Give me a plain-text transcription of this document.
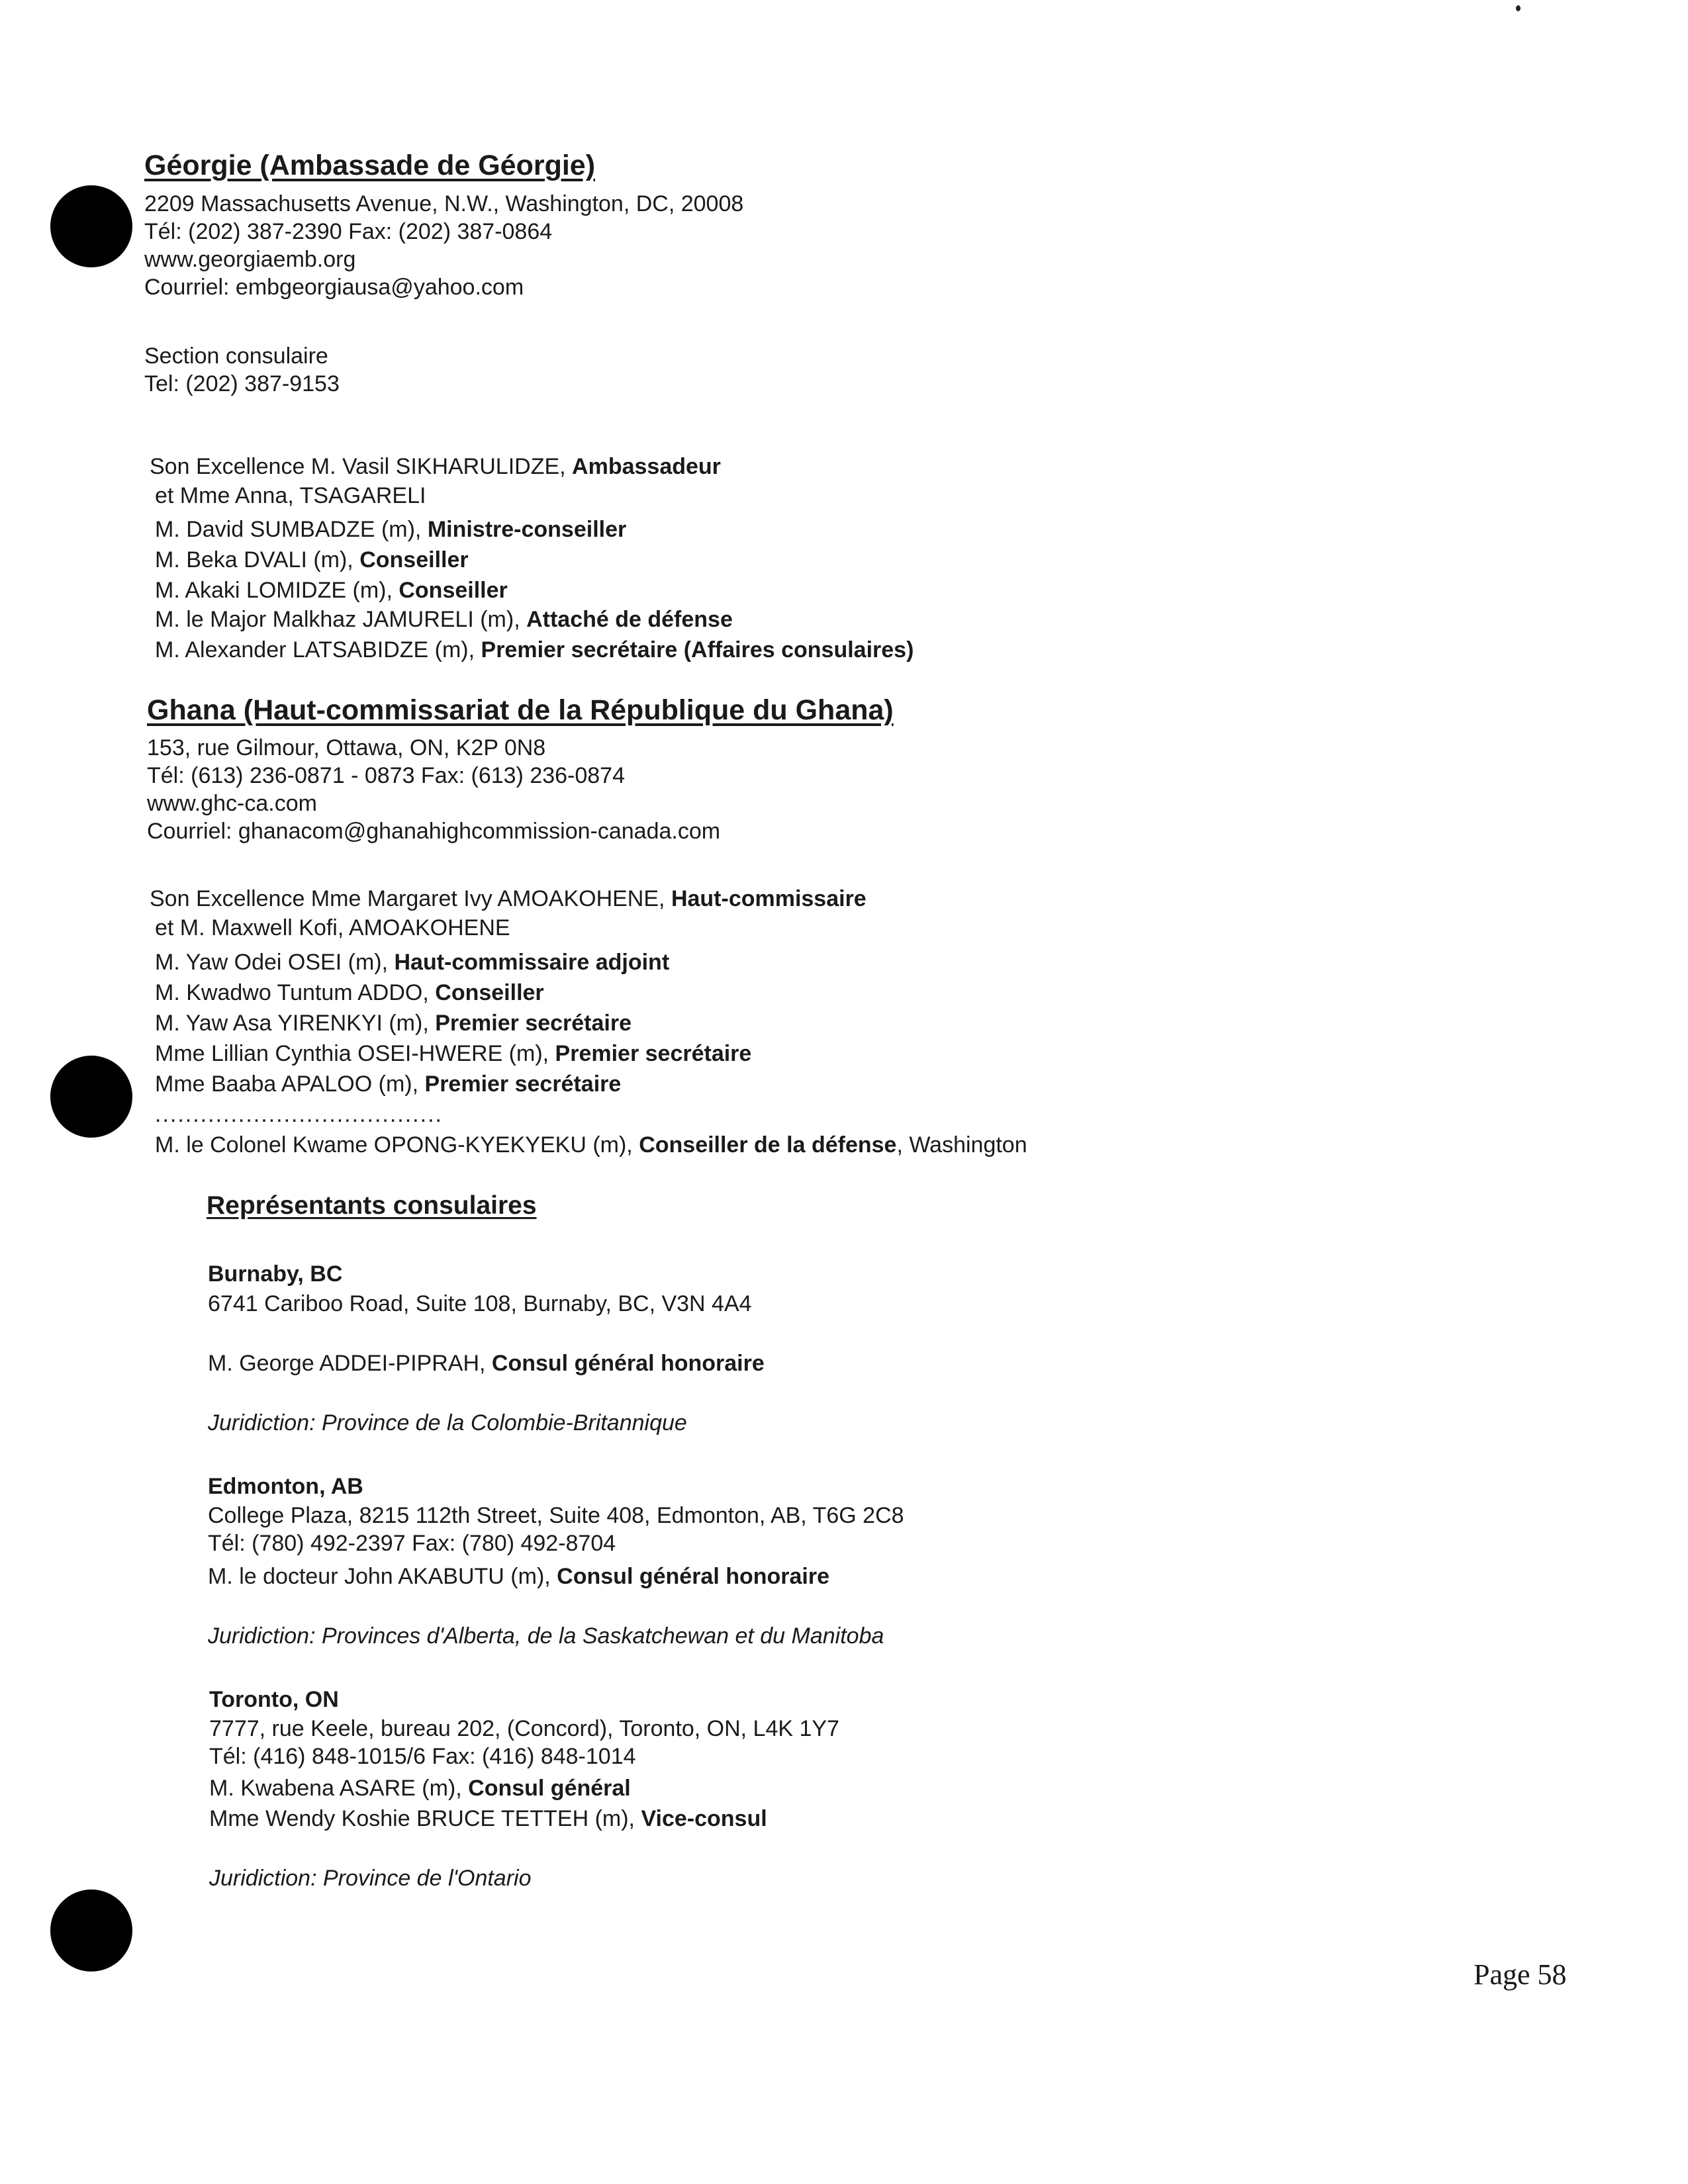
Géorgie (Ambassade de Géorgie)
2209 Massachusetts Avenue, N.W., Washington, DC, 20008
Tél: (202) 387-2390 Fax: (202) 387-0864
www.georgiaemb.org
Courriel: embgeorgiausa@yahoo.com
Section consulaire
Tel: (202) 387-9153
Son Excellence M. Vasil SIKHARULIDZE, Ambassadeur
et Mme Anna, TSAGARELI
M. David SUMBADZE (m), Ministre-conseiller
M. Beka DVALI (m), Conseiller
M. Akaki LOMIDZE (m), Conseiller
M. le Major Malkhaz JAMURELI (m), Attaché de défense
M. Alexander LATSABIDZE (m), Premier secrétaire (Affaires consulaires)
Ghana (Haut-commissariat de la République du Ghana)
153, rue Gilmour, Ottawa, ON, K2P 0N8
Tél: (613) 236-0871 - 0873 Fax: (613) 236-0874
www.ghc-ca.com
Courriel: ghanacom@ghanahighcommission-canada.com
Son Excellence Mme Margaret Ivy AMOAKOHENE, Haut-commissaire
et M. Maxwell Kofi, AMOAKOHENE
M. Yaw Odei OSEI (m), Haut-commissaire adjoint
M. Kwadwo Tuntum ADDO, Conseiller
M. Yaw Asa YIRENKYI (m), Premier secrétaire
Mme Lillian Cynthia OSEI-HWERE (m), Premier secrétaire
Mme Baaba APALOO (m), Premier secrétaire
......................................
M. le Colonel Kwame OPONG-KYEKYEKU (m), Conseiller de la défense, Washington
Représentants consulaires
Burnaby, BC
6741 Cariboo Road, Suite 108, Burnaby, BC, V3N 4A4
M. George ADDEI-PIPRAH, Consul général honoraire
Juridiction: Province de la Colombie-Britannique
Edmonton, AB
College Plaza, 8215 112th Street, Suite 408, Edmonton, AB, T6G 2C8
Tél: (780) 492-2397 Fax: (780) 492-8704
M. le docteur John AKABUTU (m), Consul général honoraire
Juridiction: Provinces d'Alberta, de la Saskatchewan et du Manitoba
Toronto, ON
7777, rue Keele, bureau 202, (Concord), Toronto, ON, L4K 1Y7
Tél: (416) 848-1015/6 Fax: (416) 848-1014
M. Kwabena ASARE (m), Consul général
Mme Wendy Koshie BRUCE TETTEH (m), Vice-consul
Juridiction: Province de l'Ontario
Page 58
